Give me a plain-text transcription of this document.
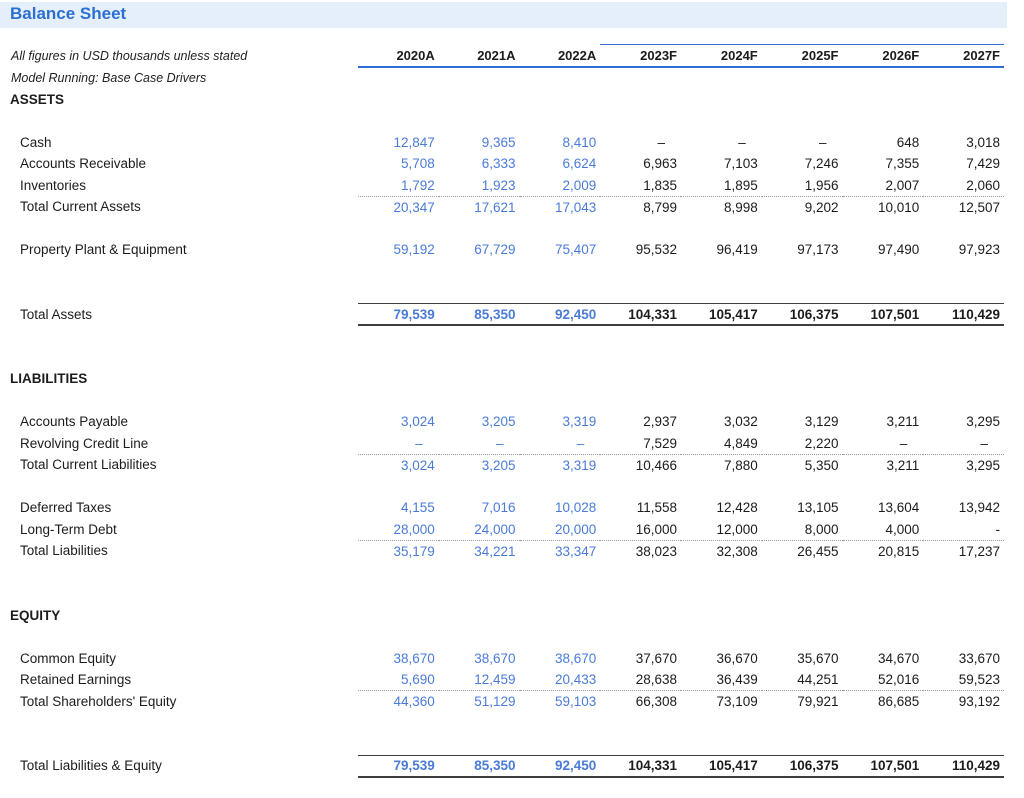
Balance Sheet
All figures in USD thousands unless stated	2020A	2021A	2022A	2023F	2024F	2025F	2026F	2027F
Model Running: Base Case Drivers								
ASSETS								

Cash	12,847	9,365	8,410	–	–	–	648	3,018
Accounts Receivable	5,708	6,333	6,624	6,963	7,103	7,246	7,355	7,429
Inventories	1,792	1,923	2,009	1,835	1,895	1,956	2,007	2,060
Total Current Assets	20,347	17,621	17,043	8,799	8,998	9,202	10,010	12,507

Property Plant & Equipment	59,192	67,729	75,407	95,532	96,419	97,173	97,490	97,923

Total Assets	79,539	85,350	92,450	104,331	105,417	106,375	107,501	110,429

LIABILITIES								

Accounts Payable	3,024	3,205	3,319	2,937	3,032	3,129	3,211	3,295
Revolving Credit Line	–	–	–	7,529	4,849	2,220	–	–
Total Current Liabilities	3,024	3,205	3,319	10,466	7,880	5,350	3,211	3,295

Deferred Taxes	4,155	7,016	10,028	11,558	12,428	13,105	13,604	13,942
Long-Term Debt	28,000	24,000	20,000	16,000	12,000	8,000	4,000	-
Total Liabilities	35,179	34,221	33,347	38,023	32,308	26,455	20,815	17,237

EQUITY								

Common Equity	38,670	38,670	38,670	37,670	36,670	35,670	34,670	33,670
Retained Earnings	5,690	12,459	20,433	28,638	36,439	44,251	52,016	59,523
Total Shareholders' Equity	44,360	51,129	59,103	66,308	73,109	79,921	86,685	93,192

Total Liabilities & Equity	79,539	85,350	92,450	104,331	105,417	106,375	107,501	110,429
